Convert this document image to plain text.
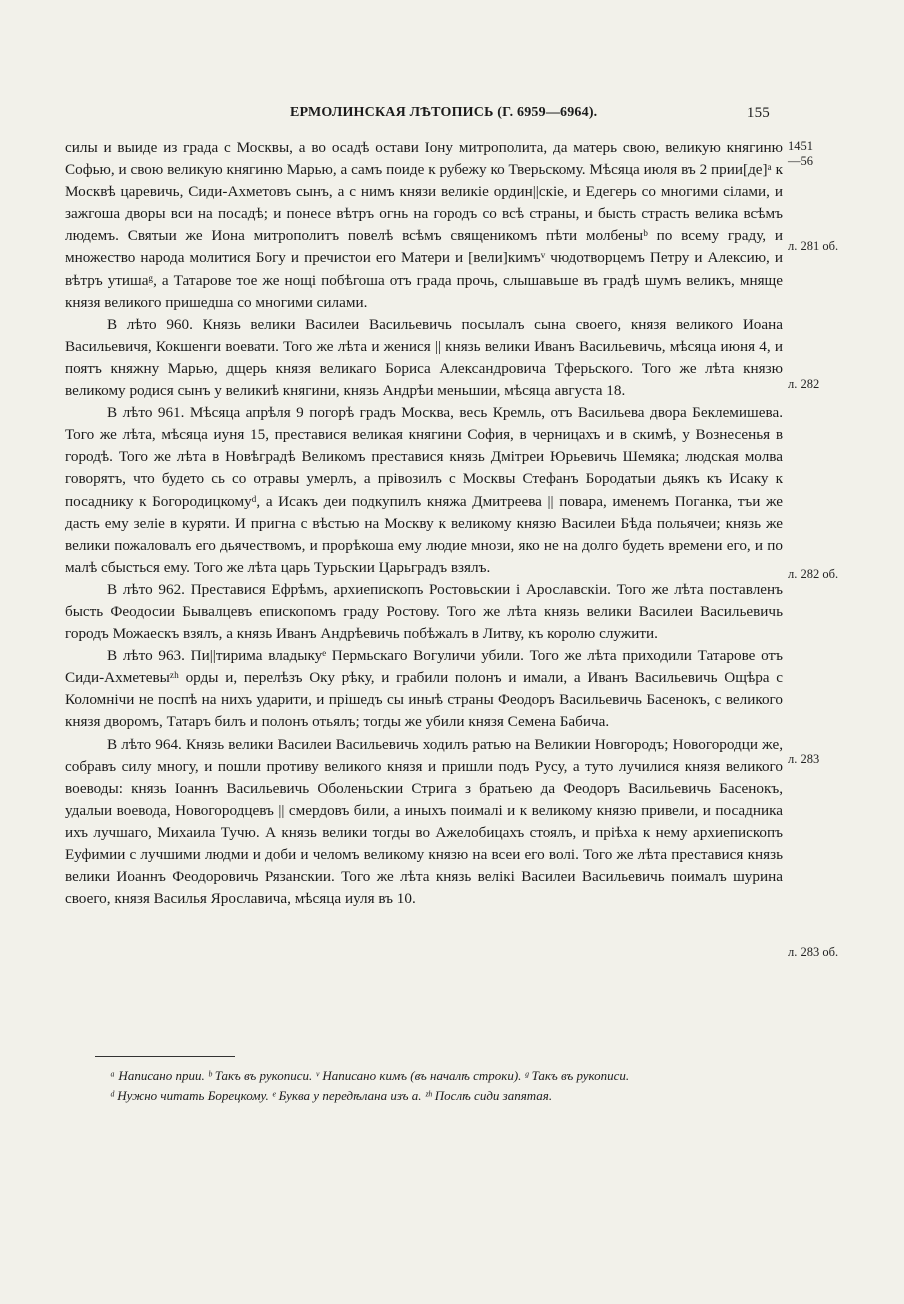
ЕРМОЛИНСКАЯ ЛѢТОПИСЬ (Г. 6959—6964).	155

силы и выиде из града с Москвы, а во осадѣ остави Іону митрополита, да матерь свою, великую княгиню Софью, и свою великую княгиню Марью, а самъ поиде к рубежу ко Тверьскому. Мѣсяца июля въ 2 прии[де]ᵃ к Москвѣ царевичь, Сиди-Ахметовъ сынъ, а с нимъ князи великіе ордин||скіе, и Едегерь со многими сілами, и зажгоша дворы вси на посадѣ; и понесе вѣтръ огнь на городъ со всѣ страны, и бысть страсть велика всѣмъ людемъ. Святыи же Иона митрополитъ повелѣ всѣмъ священикомъ пѣти молбеныᵇ по всему граду, и множество народа молитися Богу и пречистои его Матери и [вели]кимъᵛ чюдотворцемъ Петру и Алексию, и вѣтръ утишаᵍ, а Татарове тое же нощі побѣгоша отъ града прочь, слышавьше въ градѣ шумъ великъ, мняще князя великого пришедша со многими силами.

В лѣто 960. Князь велики Василеи Васильевичь посылалъ сына своего, князя великого Иоана Васильевичя, Кокшенги воевати. Того же лѣта и женися || князь велики Иванъ Васильевичь, мѣсяца июня 4, и поятъ княжну Марью, дщерь князя великаго Бориса Александровича Тферьского. Того же лѣта князю великому родися сынъ у великиѣ княгини, князь Андрѣи меньшии, мѣсяца августа 18.

В лѣто 961. Мѣсяца апрѣля 9 погорѣ градъ Москва, весь Кремль, отъ Васильева двора Беклемишева. Того же лѣта, мѣсяца иуня 15, преставися великая княгини София, в черницахъ и в скимѣ, у Вознесенья в городѣ. Того же лѣта в Новѣградѣ Великомъ преставися князь Дмітреи Юрьевичь Шемяка; людская молва говорятъ, что будето сь со отравы умерлъ, а прівозилъ с Москвы Стефанъ Бородатыи дьякъ къ Исаку к посаднику к Богородицкомуᵈ, а Исакъ деи подкупилъ княжа Дмитреева || повара, именемъ Поганка, тъи же дасть ему зеліе в куряти. И пригна с вѣстью на Москву к великому князю Василеи Бѣда польячеи; князь же велики пожаловалъ его дьячествомъ, и прорѣкоша ему людие мнози, яко не на долго будеть времени его, и по малѣ сбысться ему. Того же лѣта царь Турьскии Царьградъ взялъ.

В лѣто 962. Преставися Ефрѣмъ, архиепископъ Ростовьскии і Арославскіи. Того же лѣта поставленъ бысть Феодосии Бывалцевъ епископомъ граду Ростову. Того же лѣта князь велики Василеи Васильевичь городъ Можаескъ взялъ, а князь Иванъ Андрѣевичь побѣжалъ в Литву, къ королю служити.

В лѣто 963. Пи||тирима владыкуᵉ Пермьскаго Вогуличи убили. Того же лѣта приходили Татарове отъ Сиди-Ахметевыᶻʰ орды и, перелѣзъ Оку рѣку, и грабили полонъ и имали, а Иванъ Васильевичь Ощѣра с Коломнічи не поспѣ на нихъ ударити, и прішедъ сы иныѣ страны Феодоръ Васильевичь Басенокъ, с великого князя дворомъ, Татаръ билъ и полонъ отьялъ; тогды же убили князя Семена Бабича.

В лѣто 964. Князь велики Василеи Васильевичь ходилъ ратью на Великии Новгородъ; Новогородци же, собравъ силу многу, и пошли противу великого князя и пришли подъ Русу, а туто лучилися князя великого воеводы: князь Іоаннъ Васильевичь Оболеньскии Стрига з братьею да Феодоръ Васильевичь Басенокъ, удалыи воевода, Новогородцевъ || смердовъ били, а иныхъ поималі и к великому князю привели, и посадника ихъ лучшаго, Михаила Тучю. А князь велики тогды во Ажелобицахъ стоялъ, и пріѣха к нему архиепископъ Еуфимии с лучшими людми и доби и челомъ великому князю на всеи его волі. Того же лѣта преставися князь велики Иоаннъ Феодоровичь Рязанскии. Того же лѣта князь велікі Василеи Васильевичь поималъ шурина своего, князя Василья Ярославича, мѣсяца иуля въ 10.

1451
—56
л. 281 об.
л. 282
л. 282 об.
л. 283
л. 283 об.
ᵃ Написано прии. ᵇ Такъ въ рукописи. ᵛ Написано кимъ (въ началѣ строки). ᵍ Такъ въ рукописи.
ᵈ Нужно читать Борецкому. ᵉ Буква у передѣлана изъ а. ᶻʰ Послѣ сиди запятая.
